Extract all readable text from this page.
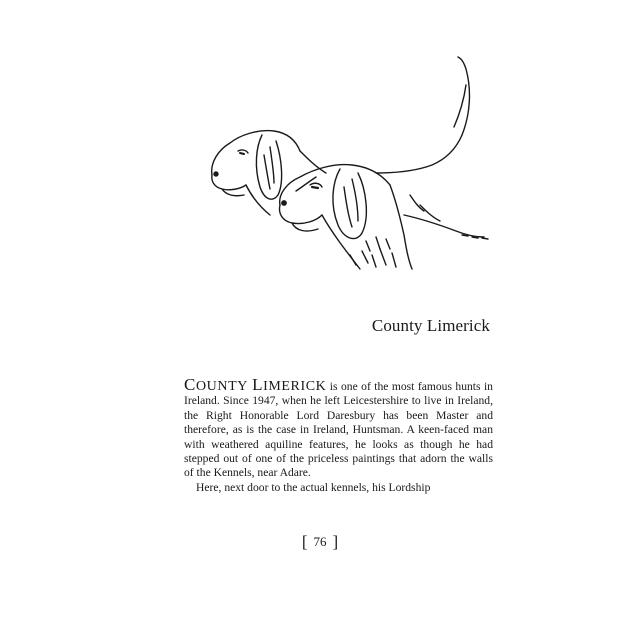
County Limerick

COUNTY LIMERICK is one of the most famous hunts in Ireland. Since 1947, when he left Leicestershire to live in Ireland, the Right Honorable Lord Daresbury has been Master and therefore, as is the case in Ireland, Huntsman. A keen-faced man with weathered aquiline features, he looks as though he had stepped out of one of the priceless paintings that adorn the walls of the Kennels, near Adare.

Here, next door to the actual kennels, his Lordship

[ 76 ]
